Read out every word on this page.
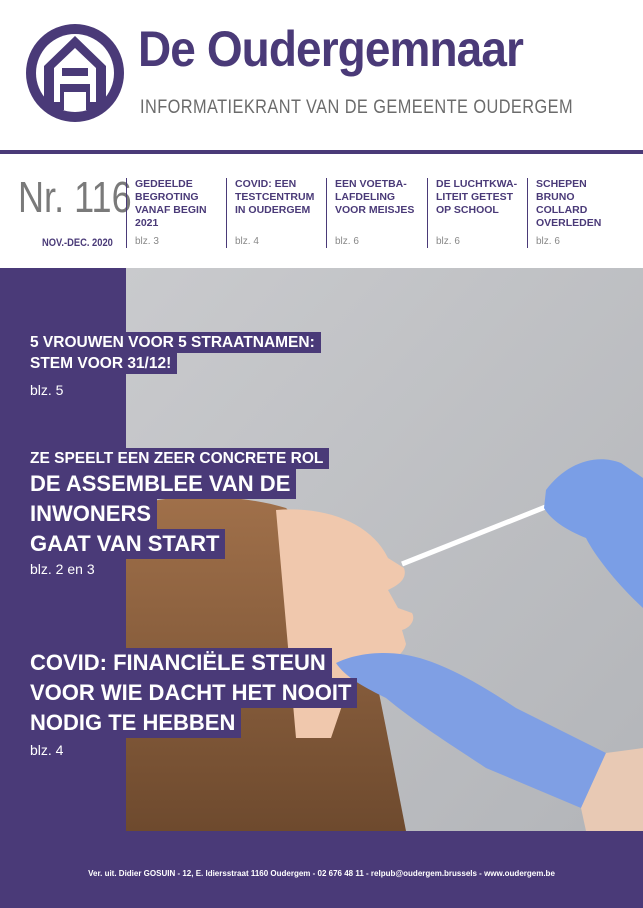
De Oudergemnaar
INFORMATIEKRANT VAN DE GEMEENTE OUDERGEM
Nr. 116
NOV.-DEC. 2020
GEDEELDE BEGROTING VANAF BEGIN 2021
blz. 3
COVID: EEN TESTCENTRUM IN OUDERGEM
blz. 4
EEN VOETBA-LAFDELING VOOR MEISJES
blz. 6
DE LUCHTKWA-LITEIT GETEST OP SCHOOL
blz. 6
SCHEPEN BRUNO COLLARD OVERLEDEN
blz. 6
5 VROUWEN VOOR 5 STRAATNAMEN:
STEM VOOR 31/12!
blz. 5
ZE SPEELT EEN ZEER CONCRETE ROL
DE ASSEMBLEE VAN DE
INWONERS
GAAT VAN START
blz. 2 en 3
COVID: FINANCIËLE STEUN
VOOR WIE DACHT HET NOOIT
NODIG TE HEBBEN
blz. 4
Ver. uit. Didier GOSUIN - 12, E. Idiersstraat 1160 Oudergem - 02 676 48 11 - relpub@oudergem.brussels - www.oudergem.be
